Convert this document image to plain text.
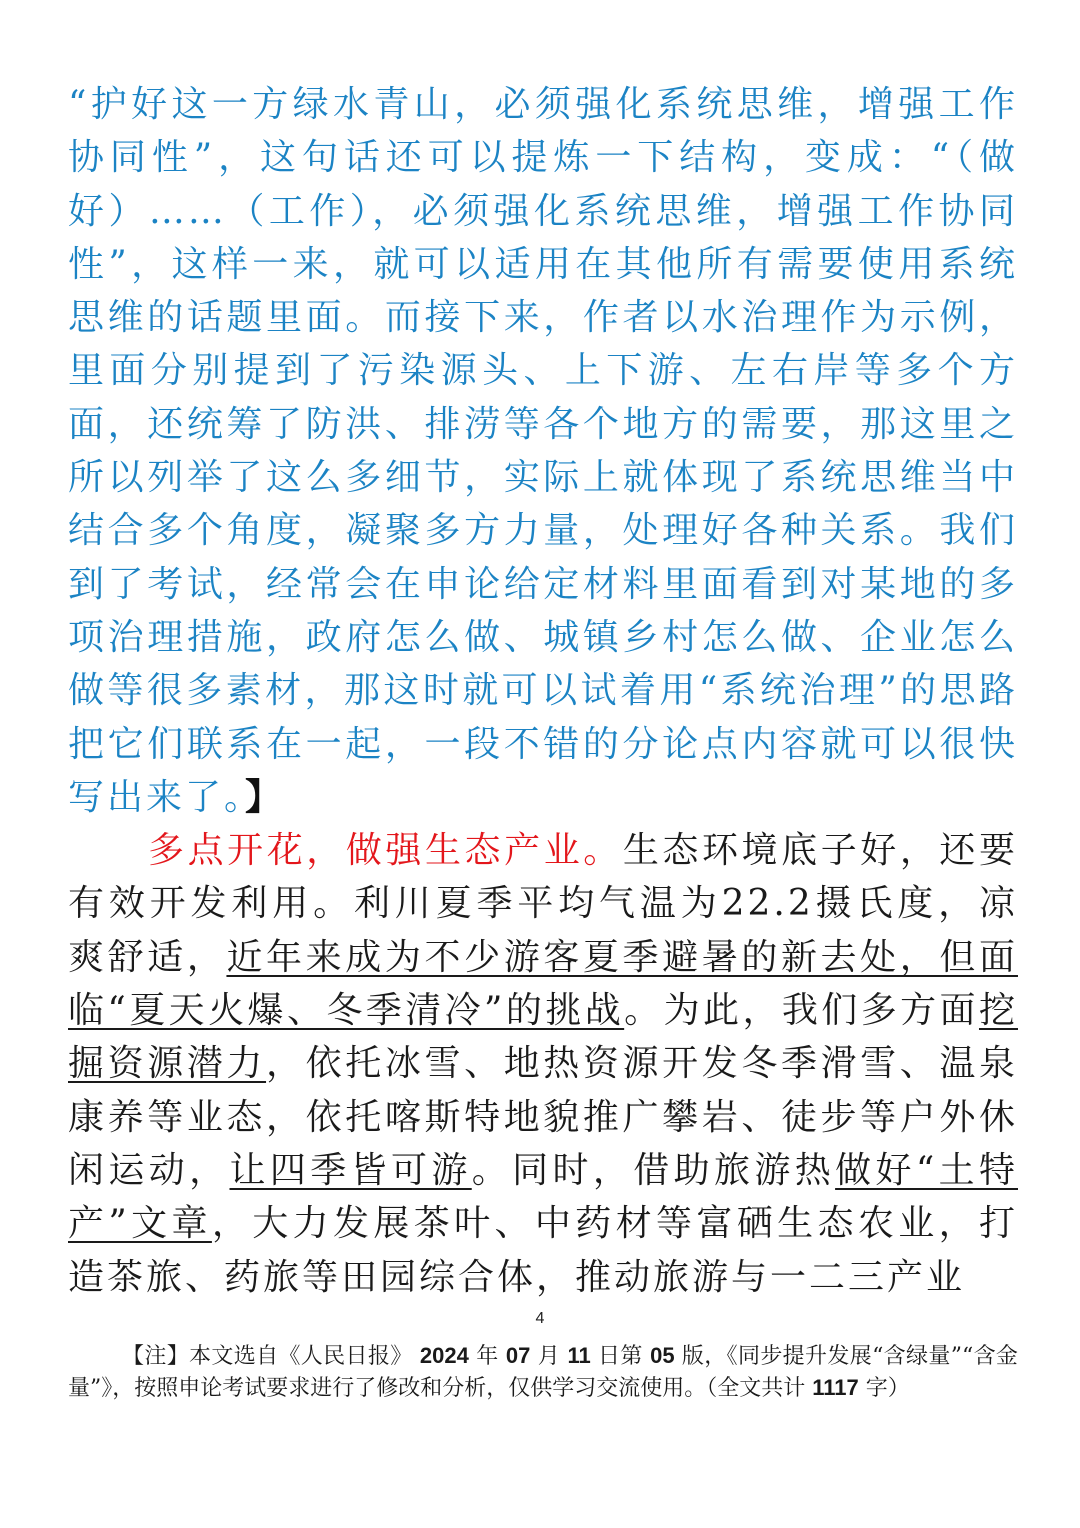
“护好这一方绿水青山，必须强化系统思维，增强工作协同性”，这句话还可以提炼一下结构，变成：“（做好）……（工作），必须强化系统思维，增强工作协同性”，这样一来，就可以适用在其他所有需要使用系统思维的话题里面。而接下来，作者以水治理作为示例，里面分别提到了污染源头、上下游、左右岸等多个方面，还统筹了防洪、排涝等各个地方的需要，那这里之所以列举了这么多细节，实际上就体现了系统思维当中结合多个角度，凝聚多方力量，处理好各种关系。我们到了考试，经常会在申论给定材料里面看到对某地的多项治理措施，政府怎么做、城镇乡村怎么做、企业怎么做等很多素材，那这时就可以试着用“系统治理”的思路把它们联系在一起，一段不错的分论点内容就可以很快写出来了。】

多点开花，做强生态产业。生态环境底子好，还要有效开发利用。利川夏季平均气温为22.2摄氏度，凉爽舒适，近年来成为不少游客夏季避暑的新去处，但面临“夏天火爆、冬季清冷”的挑战。为此，我们多方面挖掘资源潜力，依托冰雪、地热资源开发冬季滑雪、温泉康养等业态，依托喀斯特地貌推广攀岩、徒步等户外休闲运动，让四季皆可游。同时，借助旅游热做好“土特产”文章，大力发展茶叶、中药材等富硒生态农业，打造茶旅、药旅等田园综合体，推动旅游与一二三产业

4
【注】本文选自《人民日报》 2024 年 07 月 11 日第 05 版，《同步提升发展“含绿量”“含金量”》，按照申论考试要求进行了修改和分析，仅供学习交流使用。（全文共计 1117 字）
